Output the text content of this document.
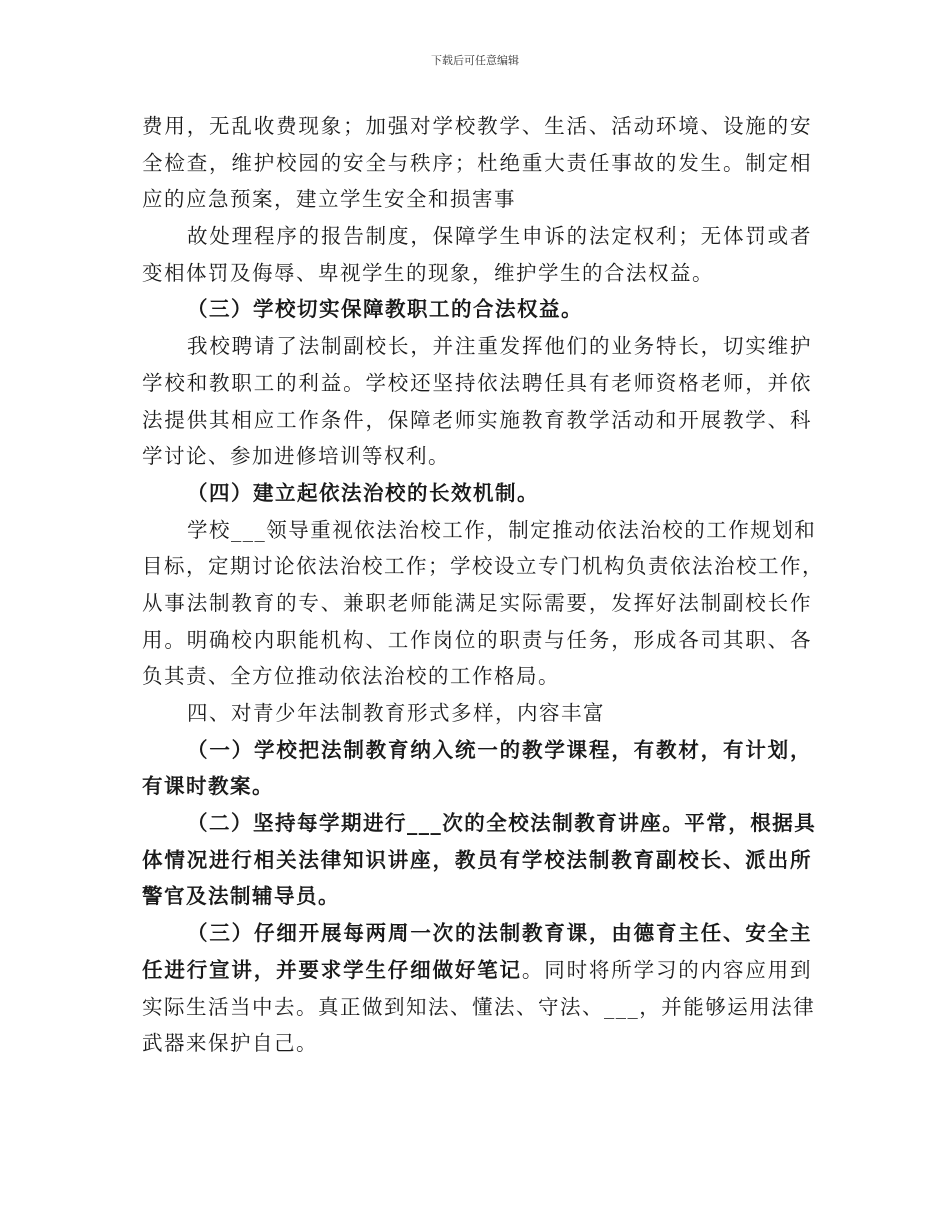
下载后可任意编辑
费用，无乱收费现象；加强对学校教学、生活、活动环境、设施的安
全检查，维护校园的安全与秩序；杜绝重大责任事故的发生。制定相
应的应急预案，建立学生安全和损害事
故处理程序的报告制度，保障学生申诉的法定权利；无体罚或者
变相体罚及侮辱、卑视学生的现象，维护学生的合法权益。
（三）学校切实保障教职工的合法权益。
我校聘请了法制副校长，并注重发挥他们的业务特长，切实维护
学校和教职工的利益。学校还坚持依法聘任具有老师资格老师，并依
法提供其相应工作条件，保障老师实施教育教学活动和开展教学、科
学讨论、参加进修培训等权利。
（四）建立起依法治校的长效机制。
学校___领导重视依法治校工作，制定推动依法治校的工作规划和
目标，定期讨论依法治校工作；学校设立专门机构负责依法治校工作，
从事法制教育的专、兼职老师能满足实际需要，发挥好法制副校长作
用。明确校内职能机构、工作岗位的职责与任务，形成各司其职、各
负其责、全方位推动依法治校的工作格局。
四、对青少年法制教育形式多样，内容丰富
（一）学校把法制教育纳入统一的教学课程，有教材，有计划，
有课时教案。
（二）坚持每学期进行___次的全校法制教育讲座。平常，根据具
体情况进行相关法律知识讲座，教员有学校法制教育副校长、派出所
警官及法制辅导员。
（三）仔细开展每两周一次的法制教育课，由德育主任、安全主
任进行宣讲，并要求学生仔细做好笔记。同时将所学习的内容应用到
实际生活当中去。真正做到知法、懂法、守法、___，并能够运用法律
武器来保护自己。
